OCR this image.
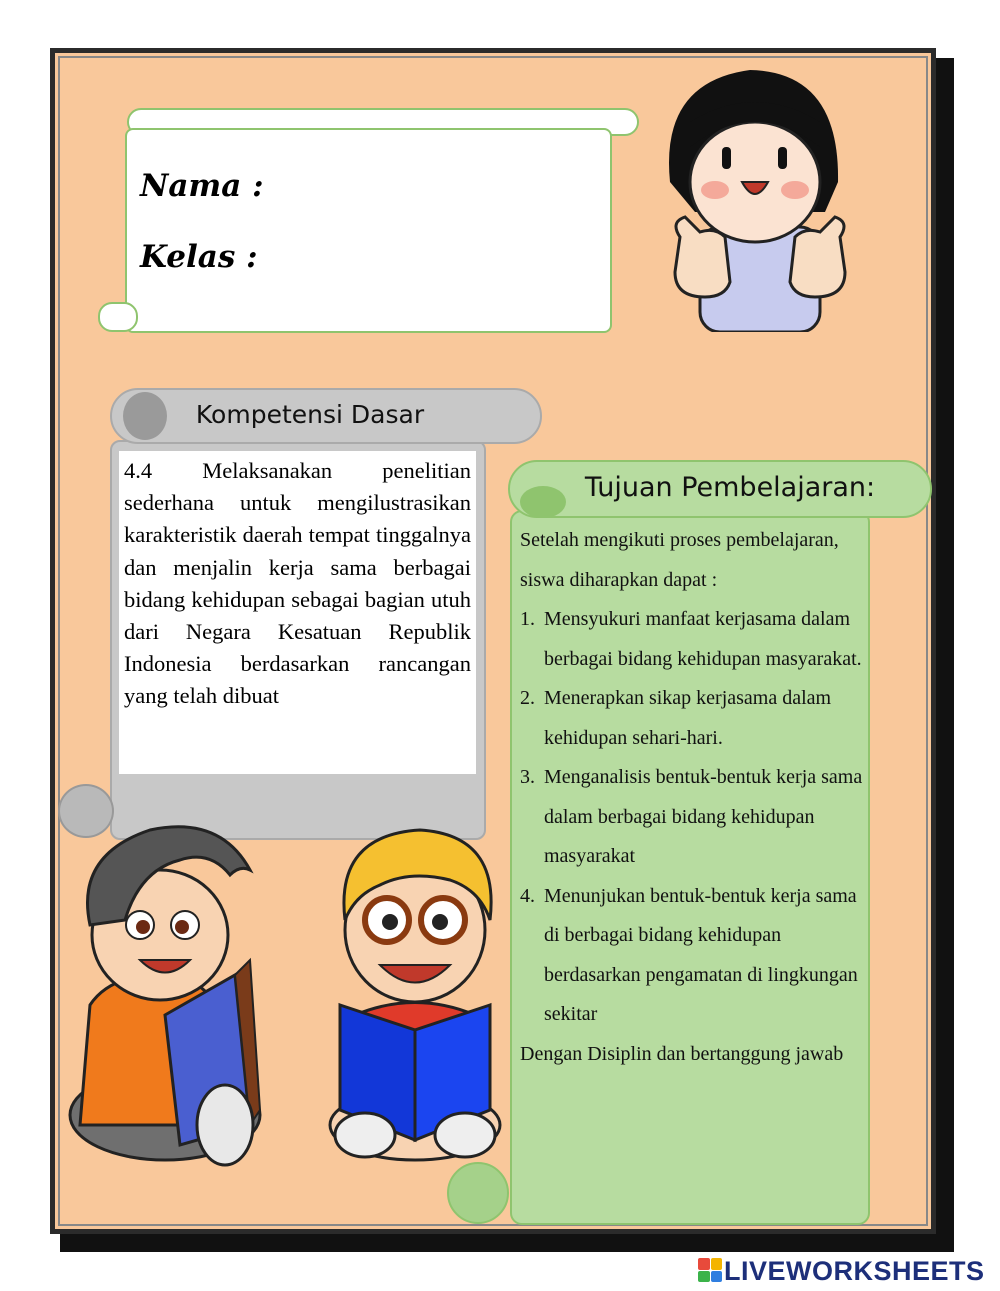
Nama :
Kelas :
Kompetensi Dasar
4.4 Melaksanakan penelitian sederhana untuk mengilustrasikan karakteristik daerah tempat tinggalnya dan menjalin kerja sama berbagai bidang kehidupan sebagai bagian utuh dari Negara Kesatuan Republik Indonesia berdasarkan rancangan yang telah dibuat
Tujuan Pembelajaran:
Setelah mengikuti proses pembelajaran, siswa diharapkan dapat :
1. Mensyukuri manfaat kerjasama dalam berbagai bidang kehidupan masyarakat.
2. Menerapkan sikap kerjasama dalam kehidupan sehari-hari.
3. Menganalisis bentuk-bentuk kerja sama dalam berbagai bidang kehidupan masyarakat
4. Menunjukan bentuk-bentuk kerja sama di berbagai bidang kehidupan berdasarkan pengamatan di lingkungan sekitar
Dengan Disiplin dan bertanggung jawab
LIVEWORKSHEETS
